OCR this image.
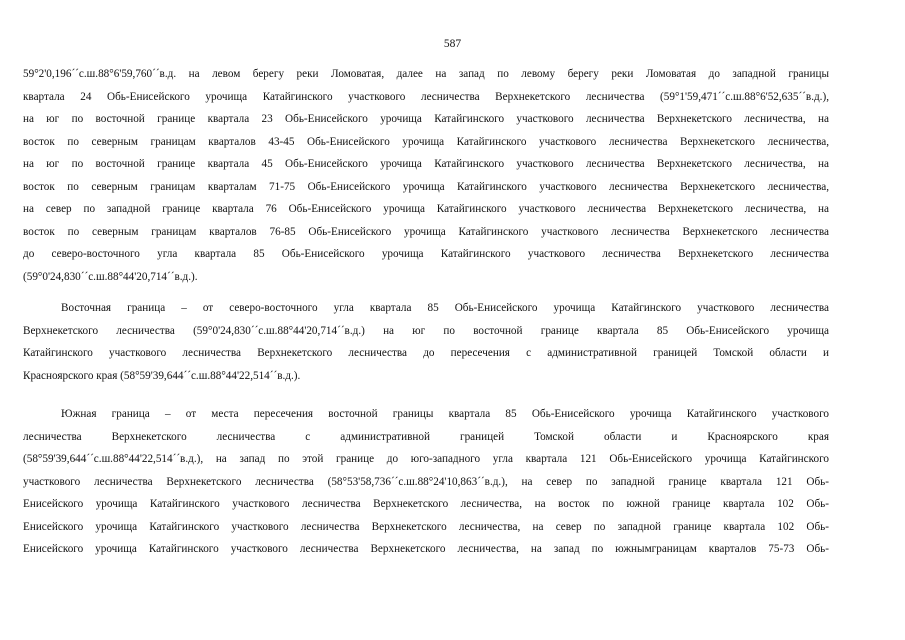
587
59°2'0,196´´с.ш.88°6'59,760´´в.д. на левом берегу реки Ломоватая, далее на запад по левому берегу реки Ломоватая до западной границы
квартала 24 Обь-Енисейского урочища Катайгинского участкового лесничества Верхнекетского лесничества (59°1'59,471´´с.ш.88°6'52,635´´в.д.),
на юг по восточной границе квартала 23 Обь-Енисейского урочища Катайгинского участкового лесничества Верхнекетского лесничества, на
восток по северным границам кварталов 43-45 Обь-Енисейского урочища Катайгинского участкового лесничества Верхнекетского лесничества,
на юг по восточной границе квартала 45 Обь-Енисейского урочища Катайгинского участкового лесничества Верхнекетского лесничества, на
восток по северным границам кварталам 71-75 Обь-Енисейского урочища Катайгинского участкового лесничества Верхнекетского лесничества,
на север по западной границе квартала 76 Обь-Енисейского урочища Катайгинского участкового лесничества Верхнекетского лесничества, на
восток по северным границам кварталов 76-85 Обь-Енисейского урочища Катайгинского участкового лесничества Верхнекетского лесничества
до северо-восточного угла квартала 85 Обь-Енисейского урочища Катайгинского участкового лесничества Верхнекетского лесничества
(59°0'24,830´´с.ш.88°44'20,714´´в.д.).
Восточная граница – от северо-восточного угла квартала 85 Обь-Енисейского урочища Катайгинского участкового лесничества
Верхнекетского лесничества (59°0'24,830´´с.ш.88°44'20,714´´в.д.) на юг по восточной границе квартала 85 Обь-Енисейского урочища
Катайгинского участкового лесничества Верхнекетского лесничества до пересечения с административной границей Томской области и
Красноярского края (58°59'39,644´´с.ш.88°44'22,514´´в.д.).
Южная граница – от места пересечения восточной границы квартала 85 Обь-Енисейского урочища Катайгинского участкового
лесничества Верхнекетского лесничества с административной границей Томской области и Красноярского края
(58°59'39,644´´с.ш.88°44'22,514´´в.д.), на запад по этой границе до юго-западного угла квартала 121 Обь-Енисейского урочища Катайгинского
участкового лесничества Верхнекетского лесничества (58°53'58,736´´с.ш.88°24'10,863´´в.д.), на север по западной границе квартала 121 Обь-
Енисейского урочища Катайгинского участкового лесничества Верхнекетского лесничества, на восток по южной границе квартала 102 Обь-
Енисейского урочища Катайгинского участкового лесничества Верхнекетского лесничества, на север по западной границе квартала 102 Обь-
Енисейского урочища Катайгинского участкового лесничества Верхнекетского лесничества, на запад по южнымграницам кварталов 75-73 Обь-
